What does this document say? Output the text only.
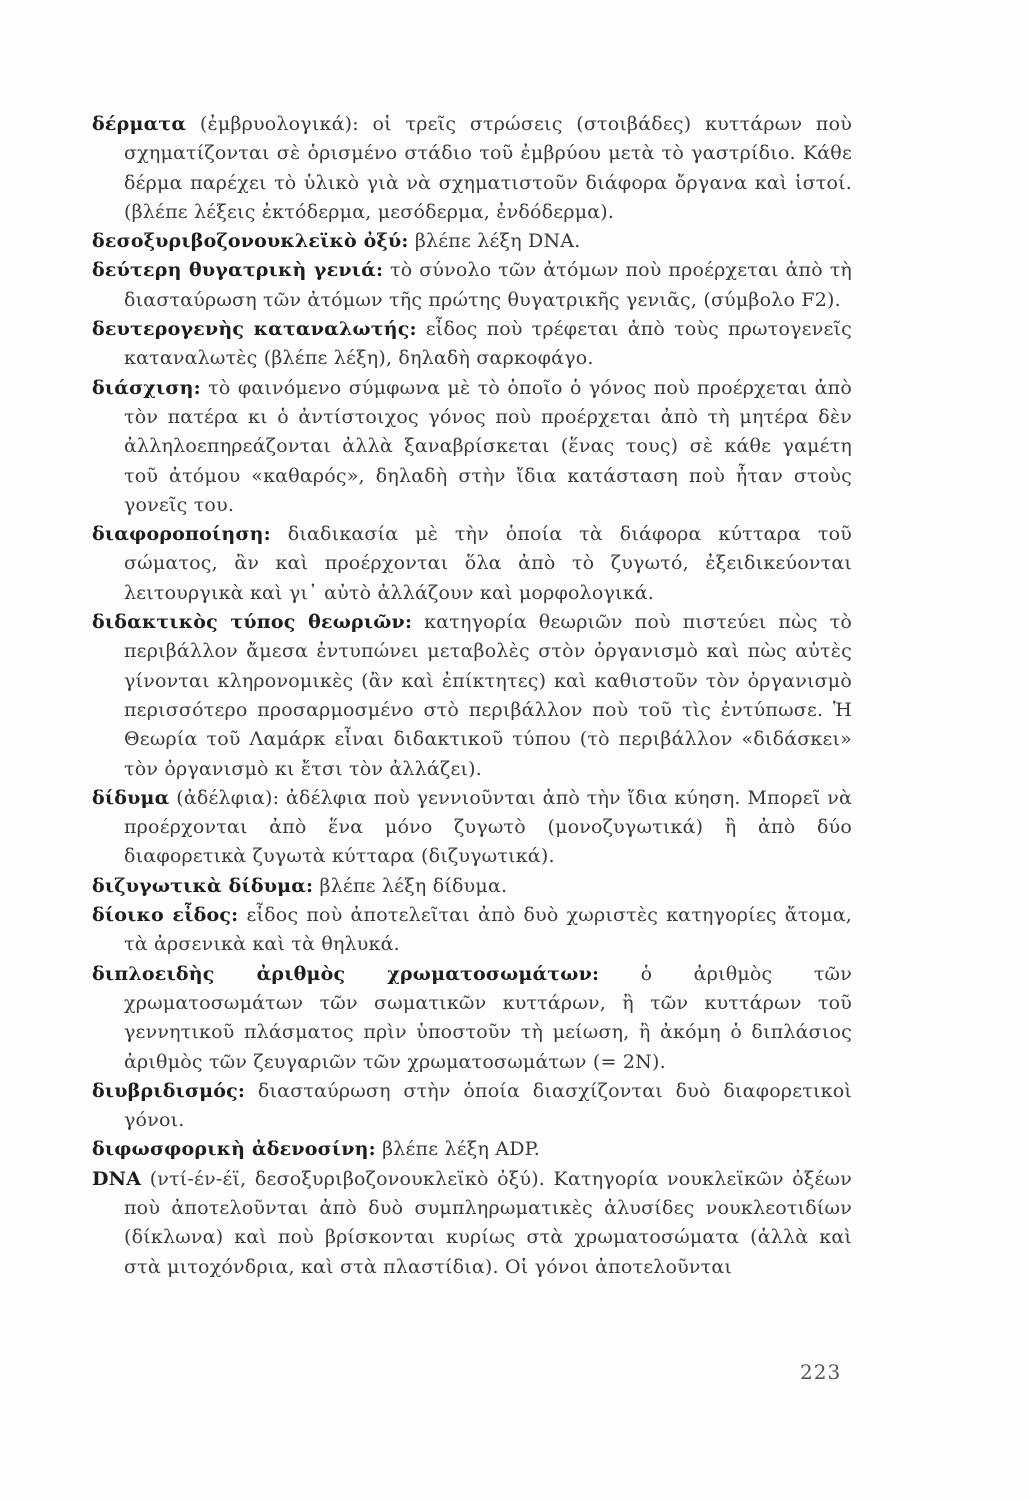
δέρματα (ἐμβρυολογικά): οἱ τρεῖς στρώσεις (στοιβάδες) κυττάρων ποὺ σχηματίζονται σὲ ὁρισμένο στάδιο τοῦ ἐμβρύου μετὰ τὸ γαστρίδιο. Κάθε δέρμα παρέχει τὸ ὑλικὸ γιὰ νὰ σχηματιστοῦν διάφορα ὄργανα καὶ ἱστοί. (βλέπε λέξεις ἐκτόδερμα, μεσόδερμα, ἐνδόδερμα).

δεσοξυριβοζονουκλεϊκὸ ὀξύ: βλέπε λέξη DNA.

δεύτερη θυγατρικὴ γενιά: τὸ σύνολο τῶν ἀτόμων ποὺ προέρχεται ἀπὸ τὴ διασταύρωση τῶν ἀτόμων τῆς πρώτης θυγατρικῆς γενιᾶς, (σύμβολο F2).

δευτερογενὴς καταναλωτής: εἶδος ποὺ τρέφεται ἀπὸ τοὺς πρωτογενεῖς καταναλωτὲς (βλέπε λέξη), δηλαδὴ σαρκοφάγο.

διάσχιση: τὸ φαινόμενο σύμφωνα μὲ τὸ ὁποῖο ὁ γόνος ποὺ προέρχεται ἀπὸ τὸν πατέρα κι ὁ ἀντίστοιχος γόνος ποὺ προέρχεται ἀπὸ τὴ μητέρα δὲν ἀλληλοεπηρεάζονται ἀλλὰ ξαναβρίσκεται (ἕνας τους) σὲ κάθε γαμέτη τοῦ ἀτόμου «καθαρός», δηλαδὴ στὴν ἴδια κατάσταση ποὺ ἦταν στοὺς γονεῖς του.

διαφοροποίηση: διαδικασία μὲ τὴν ὁποία τὰ διάφορα κύτταρα τοῦ σώματος, ἂν καὶ προέρχονται ὅλα ἀπὸ τὸ ζυγωτό, ἐξειδικεύονται λειτουργικὰ καὶ γι᾽ αὐτὸ ἀλλάζουν καὶ μορφολογικά.

διδακτικὸς τύπος θεωριῶν: κατηγορία θεωριῶν ποὺ πιστεύει πὼς τὸ περιβάλλον ἄμεσα ἐντυπώνει μεταβολὲς στὸν ὀργανισμὸ καὶ πὼς αὐτὲς γίνονται κληρονομικὲς (ἂν καὶ ἐπίκτητες) καὶ καθιστοῦν τὸν ὀργανισμὸ περισσότερο προσαρμοσμένο στὸ περιβάλλον ποὺ τοῦ τὶς ἐντύπωσε. Ἡ Θεωρία τοῦ Λαμάρκ εἶναι διδακτικοῦ τύπου (τὸ περιβάλλον «διδάσκει» τὸν ὀργανισμὸ κι ἔτσι τὸν ἀλλάζει).

δίδυμα (ἀδέλφια): ἀδέλφια ποὺ γεννιοῦνται ἀπὸ τὴν ἴδια κύηση. Μπορεῖ νὰ προέρχονται ἀπὸ ἕνα μόνο ζυγωτὸ (μονοζυγωτικά) ἢ ἀπὸ δύο διαφορετικὰ ζυγωτὰ κύτταρα (διζυγωτικά).

διζυγωτικὰ δίδυμα: βλέπε λέξη δίδυμα.

δίοικο εἶδος: εἶδος ποὺ ἀποτελεῖται ἀπὸ δυὸ χωριστὲς κατηγορίες ἄτομα, τὰ ἀρσενικὰ καὶ τὰ θηλυκά.

διπλοειδὴς ἀριθμὸς χρωματοσωμάτων: ὁ ἀριθμὸς τῶν χρωματοσωμάτων τῶν σωματικῶν κυττάρων, ἢ τῶν κυττάρων τοῦ γεννητικοῦ πλάσματος πρὶν ὑποστοῦν τὴ μείωση, ἢ ἀκόμη ὁ διπλάσιος ἀριθμὸς τῶν ζευγαριῶν τῶν χρωματοσωμάτων (= 2N).

διυβριδισμός: διασταύρωση στὴν ὁποία διασχίζονται δυὸ διαφορετικοὶ γόνοι.

διφωσφορικὴ ἀδενοσίνη: βλέπε λέξη ADP.

DNA (ντί-έν-έϊ, δεσοξυριβοζονουκλεϊκὸ ὀξύ). Κατηγορία νουκλεϊκῶν ὀξέων ποὺ ἀποτελοῦνται ἀπὸ δυὸ συμπληρωματικὲς ἁλυσίδες νουκλεοτιδίων (δίκλωνα) καὶ ποὺ βρίσκονται κυρίως στὰ χρωματοσώματα (ἀλλὰ καὶ στὰ μιτοχόνδρια, καὶ στὰ πλαστίδια). Οἱ γόνοι ἀποτελοῦνται

223
